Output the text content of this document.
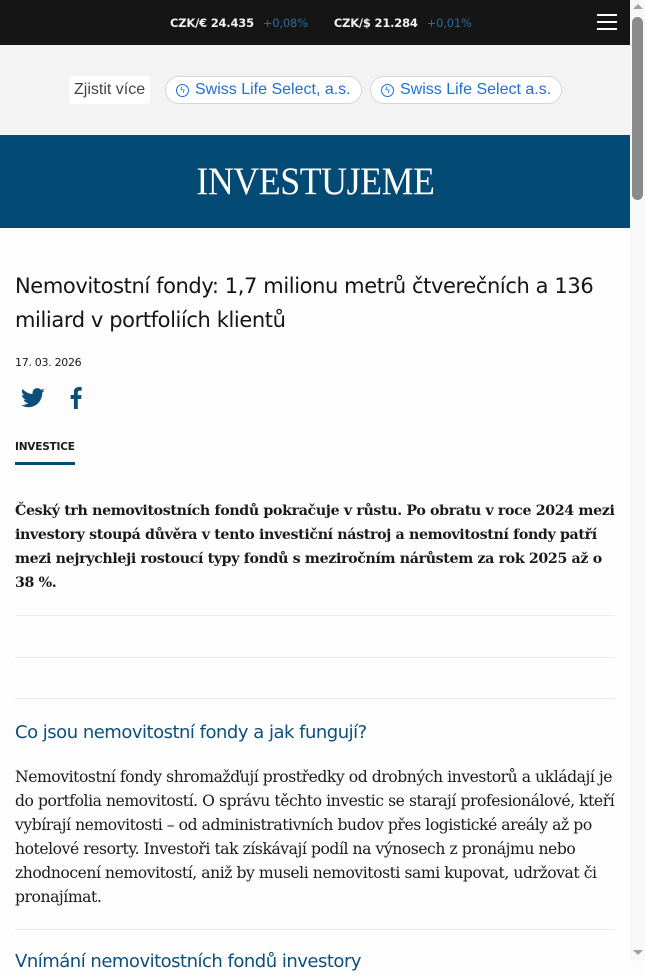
CZK/€ 24.435 +0,08% CZK/$ 21.284 +0,01%
Zjistit více	ϟ Swiss Life Select, a.s.	ϟ Swiss Life Select a.s.
INVESTUJEME
Nemovitostní fondy: 1,7 milionu metrů čtverečních a 136 miliard v portfoliích klientů
17. 03. 2026
INVESTICE

Český trh nemovitostních fondů pokračuje v růstu. Po obratu v roce 2024 mezi investory stoupá důvěra v tento investiční nástroj a nemovitostní fondy patří mezi nejrychleji rostoucí typy fondů s meziročním nárůstem za rok 2025 až o 38 %.

Co jsou nemovitostní fondy a jak fungují?

Nemovitostní fondy shromažďují prostředky od drobných investorů a ukládají je do portfolia nemovitostí. O správu těchto investic se starají profesionálové, kteří vybírají nemovitosti – od administrativních budov přes logistické areály až po hotelové resorty. Investoři tak získávají podíl na výnosech z pronájmu nebo zhodnocení nemovitostí, aniž by museli nemovitosti sami kupovat, udržovat či pronajímat.

Vnímání nemovitostních fondů investory
